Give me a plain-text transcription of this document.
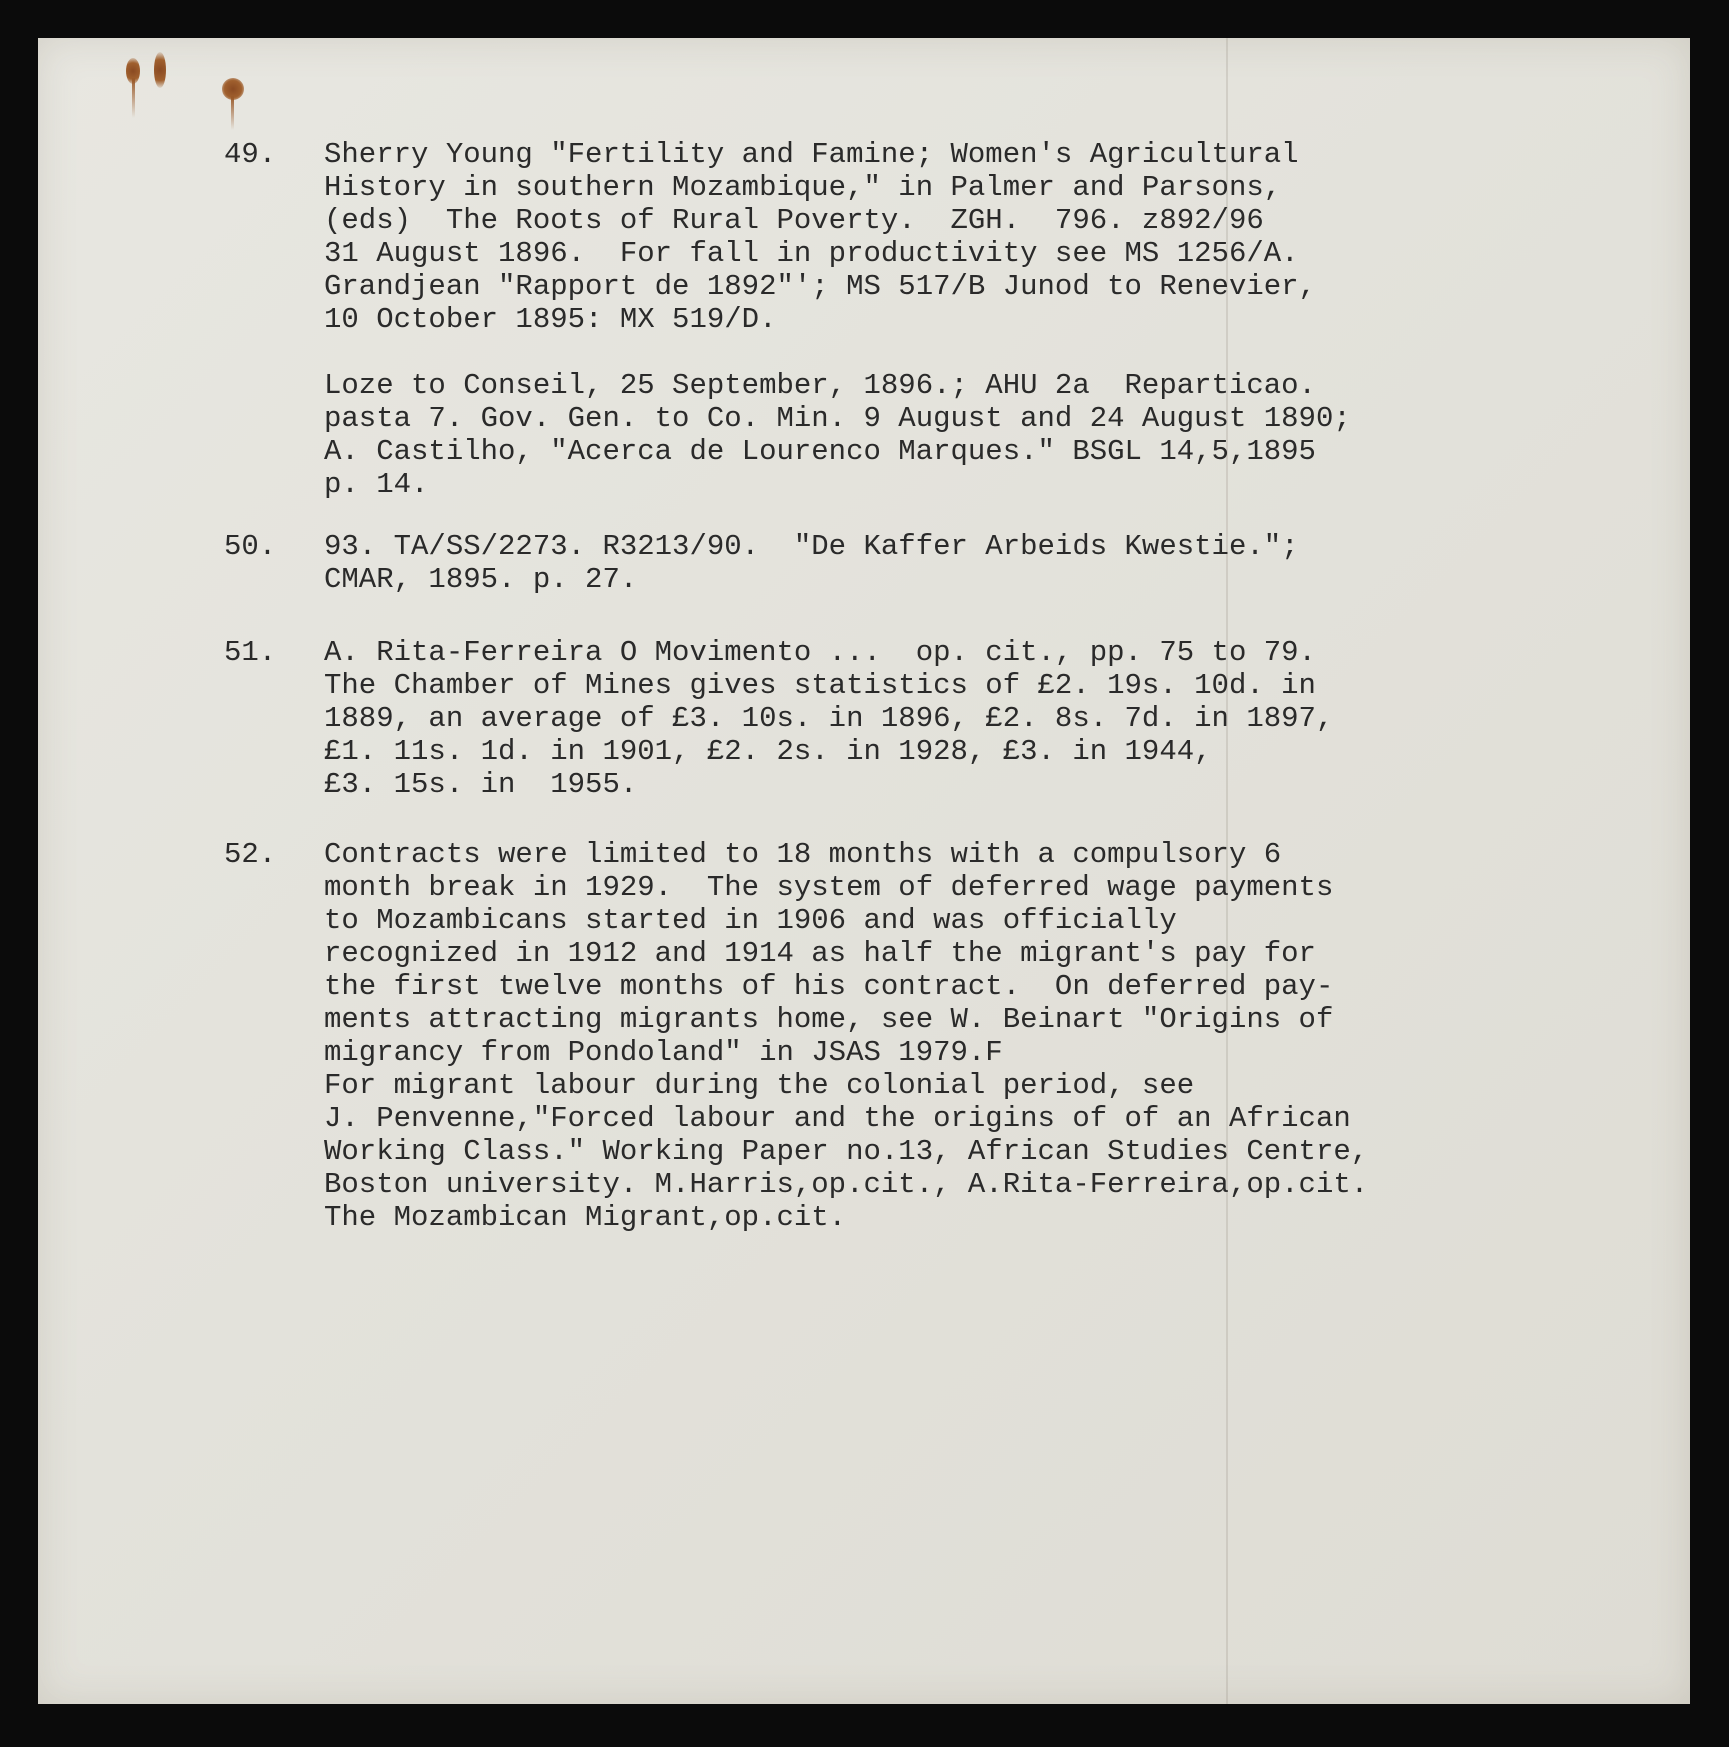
49. Sherry Young "Fertility and Famine; Women's Agricultural

History in southern Mozambique," in Palmer and Parsons,

(eds)  The Roots of Rural Poverty.  ZGH.  796. z892/96

31 August 1896.  For fall in productivity see MS 1256/A.

Grandjean "Rapport de 1892"'; MS 517/B Junod to Renevier,

10 October 1895: MX 519/D.

Loze to Conseil, 25 September, 1896.; AHU 2a  Reparticao.

pasta 7. Gov. Gen. to Co. Min. 9 August and 24 August 1890;

A. Castilho, "Acerca de Lourenco Marques." BSGL 14,5,1895

p. 14.

50. 93. TA/SS/2273. R3213/90.  "De Kaffer Arbeids Kwestie.";

CMAR, 1895. p. 27.

51. A. Rita-Ferreira O Movimento ...  op. cit., pp. 75 to 79.

The Chamber of Mines gives statistics of £2. 19s. 10d. in

1889, an average of £3. 10s. in 1896, £2. 8s. 7d. in 1897,

£1. 11s. 1d. in 1901, £2. 2s. in 1928, £3. in 1944,

£3. 15s. in  1955.

52. Contracts were limited to 18 months with a compulsory 6

month break in 1929.  The system of deferred wage payments

to Mozambicans started in 1906 and was officially

recognized in 1912 and 1914 as half the migrant's pay for

the first twelve months of his contract.  On deferred pay-

ments attracting migrants home, see W. Beinart "Origins of

migrancy from Pondoland" in JSAS 1979.F

For migrant labour during the colonial period, see

J. Penvenne,"Forced labour and the origins of of an African

Working Class." Working Paper no.13, African Studies Centre,

Boston university. M.Harris,op.cit., A.Rita-Ferreira,op.cit.

The Mozambican Migrant,op.cit.
